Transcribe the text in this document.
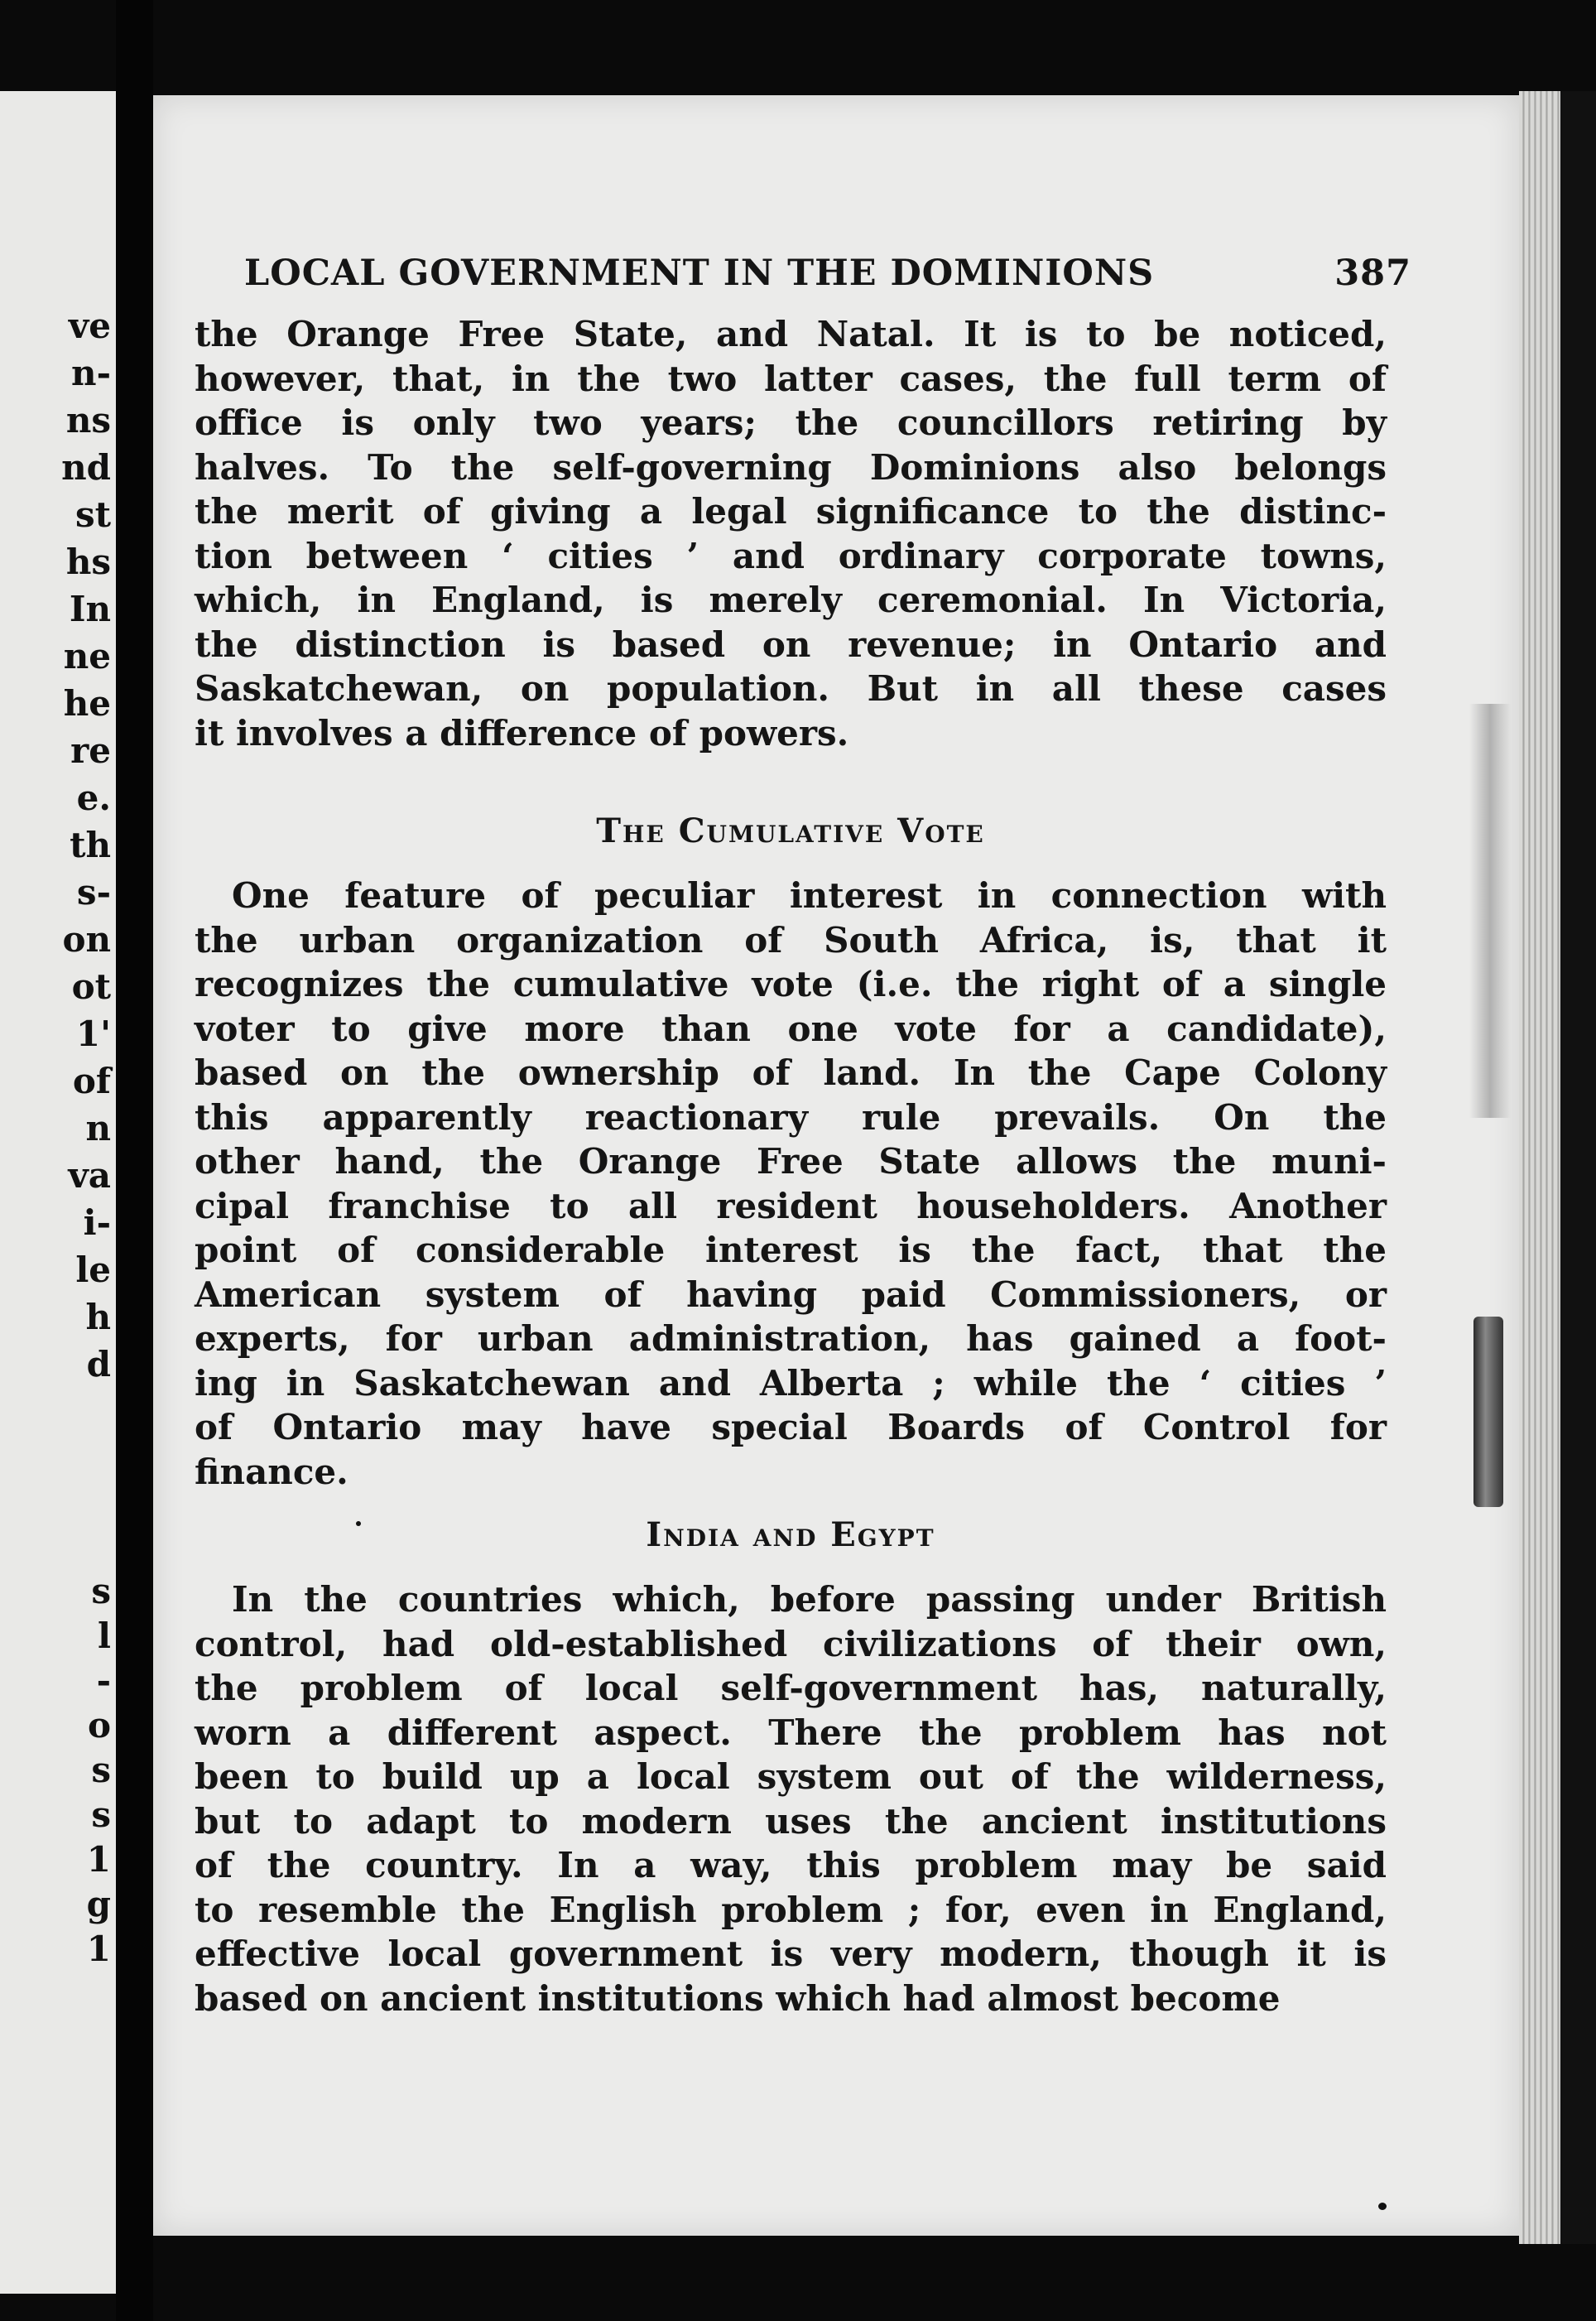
ve
n-
ns
nd
st
hs
In
ne
he
re
e.
th
s-
on
ot
1'
of
n
va
i-
le
h
d
s
l
-
o
s
s
1
g
1
LOCAL GOVERNMENT IN THE DOMINIONS	387
the Orange Free State, and Natal. It is to be noticed,
however, that, in the two latter cases, the full term of
office is only two years; the councillors retiring by
halves. To the self-governing Dominions also belongs
the merit of giving a legal significance to the distinc-
tion between ‘ cities ’ and ordinary corporate towns,
which, in England, is merely ceremonial. In Victoria,
the distinction is based on revenue; in Ontario and
Saskatchewan, on population. But in all these cases
it involves a difference of powers.
The Cumulative Vote
One feature of peculiar interest in connection with
the urban organization of South Africa, is, that it
recognizes the cumulative vote (i.e. the right of a single
voter to give more than one vote for a candidate),
based on the ownership of land. In the Cape Colony
this apparently reactionary rule prevails. On the
other hand, the Orange Free State allows the muni-
cipal franchise to all resident householders. Another
point of considerable interest is the fact, that the
American system of having paid Commissioners, or
experts, for urban administration, has gained a foot-
ing in Saskatchewan and Alberta ; while the ‘ cities ’
of Ontario may have special Boards of Control for
finance.
India and Egypt
In the countries which, before passing under British
control, had old-established civilizations of their own,
the problem of local self-government has, naturally,
worn a different aspect. There the problem has not
been to build up a local system out of the wilderness,
but to adapt to modern uses the ancient institutions
of the country. In a way, this problem may be said
to resemble the English problem ; for, even in England,
effective local government is very modern, though it is
based on ancient institutions which had almost become
